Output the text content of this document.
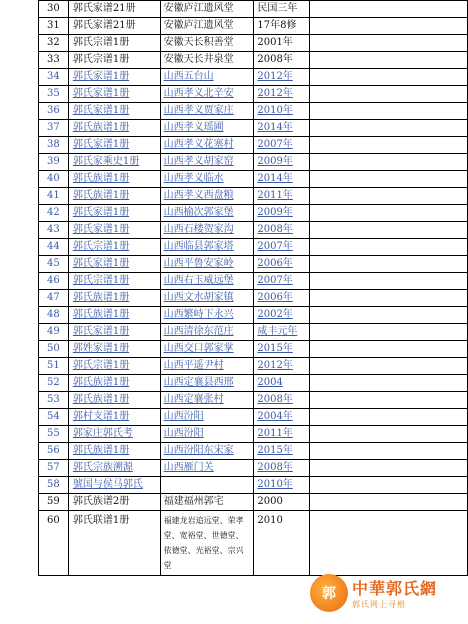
30	郭氏家谱21册	安徽庐江遗风堂	民国三年	
31	郭氏家谱21册	安徽庐江遗风堂	17年8修	
32	郭氏宗谱1册	安徽天长积善堂	2001年	
33	郭氏宗谱1册	安徽天长井泉堂	2008年	
34	郭氏家谱1册	山西五台山	2012年	
35	郭氏家谱1册	山西孝义北辛安	2012年	
36	郭氏家谱1册	山西孝义贾家庄	2010年	
37	郭氏族谱1册	山西孝义瑶圃	2014年	
38	郭氏家谱1册	山西孝义花塞村	2007年	
39	郭氏家乘史1册	山西孝义胡家窑	2009年	
40	郭氏族谱1册	山西孝义临水	2014年	
41	郭氏族谱1册	山西孝义西盘粮	2011年	
42	郭氏家谱1册	山西榆次郭家堡	2009年	
43	郭氏家谱1册	山西石楼贺家沟	2008年	
44	郭氏宗谱1册	山西临县郭家塔	2007年	
45	郭氏家谱1册	山西平鲁安家岭	2006年	
46	郭氏宗谱1册	山西右玉威远堡	2007年	
47	郭氏族谱1册	山西文水胡家镇	2006年	
48	郭氏族谱1册	山西繁峙下永兴	2002年	
49	郭氏家谱1册	山西清徐东范庄	咸丰元年	
50	郭姓家谱1册	山西交口郭家掌	2015年	
51	郭氏宗谱1册	山西平遥尹村	2012年	
52	郭氏族谱1册	山西定襄县西邢	2004	
53	郭氏族谱1册	山西定襄张村	2008年	
54	郭村支谱1册	山西汾阳	2004年	
55	郭家庄郭氏考	山西汾阳	2011年	
56	郭氏族谱1册	山西汾阳东宋家	2015年	
57	郭氏宗族溯源	山西雁门关	2008年	
58	號国与侯马郭氏		2010年	
59	郭氏族谱2册	福建福州郭宅	2000	
60	郭氏联谱1册	福建龙岩追远堂、荣孝堂、宽裕堂、世德堂、依德堂、光裕堂、宗兴堂	2010	
郭 中華郭氏網
郭氏网上寻根
